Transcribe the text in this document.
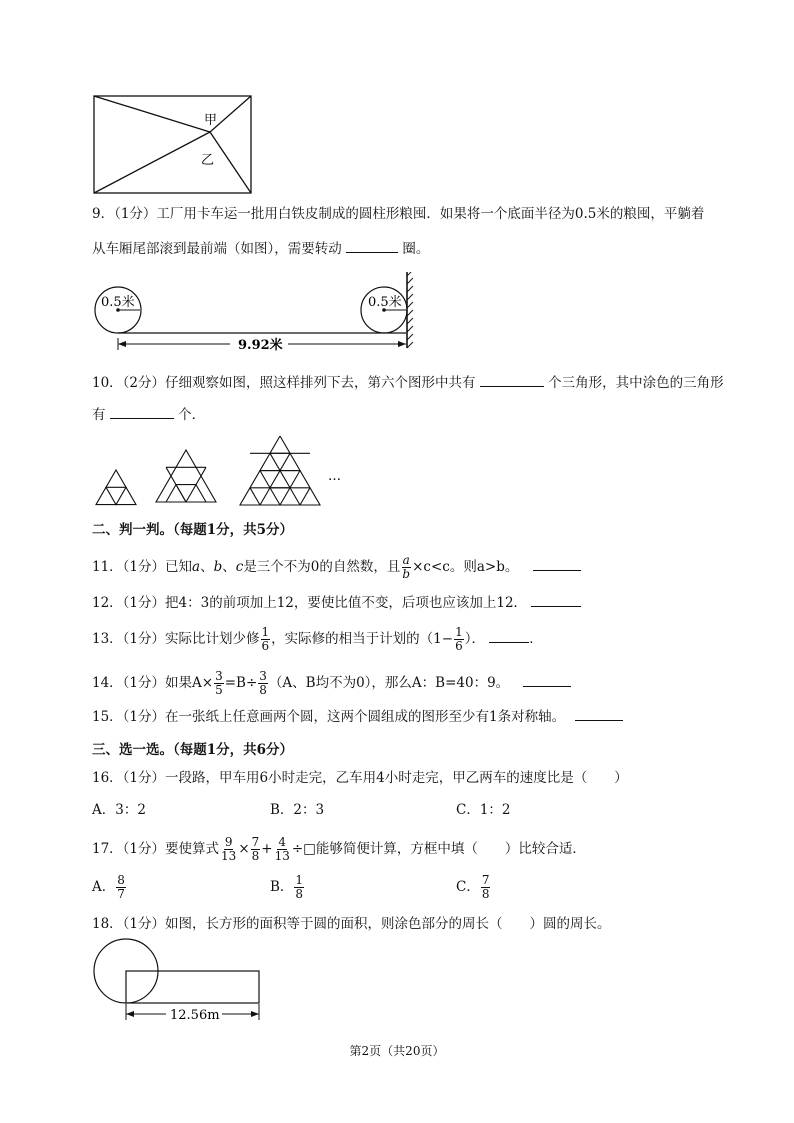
甲
乙
9．（1分）工厂用卡车运一批用白铁皮制成的圆柱形粮囤．如果将一个底面半径为0.5米的粮囤，平躺着
从车厢尾部滚到最前端（如图），需要转动	圈。
0.5米	0.5米
9.92米
10．（2分）仔细观察如图，照这样排列下去，第六个图形中共有	个三角形，其中涂色的三角形
有	个．
…
二、判一判。（每题1分，共5分）
11．（1分）已知a、b、c是三个不为0的自然数，且 $\frac{a}{b} \times c<c$。则a>b。
12．（1分）把4：3的前项加上12，要使比值不变，后项也应该加上12．
13．（1分）实际比计划少修 $\frac{1}{6}$ ，实际修的相当于计划的（$1- \frac{1}{6}$ ）．	．
14．（1分）如果$A\times \frac{3}{5} =B\div \frac{3}{8} (A$、B均不为0），那么A：B=40：9。
15．（1分）在一张纸上任意画两个圆，这两个圆组成的图形至少有1条对称轴。
三、选一选。（每题1分，共6分）
16．（1分）一段路，甲车用6小时走完，乙车用4小时走完，甲乙两车的速度比是（　　）
A．3：2	B．2：3	C．1：2
17．（1分）要使算式 $\frac{9}{13} \times \frac{7}{8} + \frac{4}{13}$ ÷□能够简便计算，方框中填（　　）比较合适．
A． $\frac{8}{7}$	B． $\frac{1}{8}$	C． $\frac{7}{8}$
18．（1分）如图，长方形的面积等于圆的面积，则涂色部分的周长（　　）圆的周长。
12.56m
第2页（共20页）
